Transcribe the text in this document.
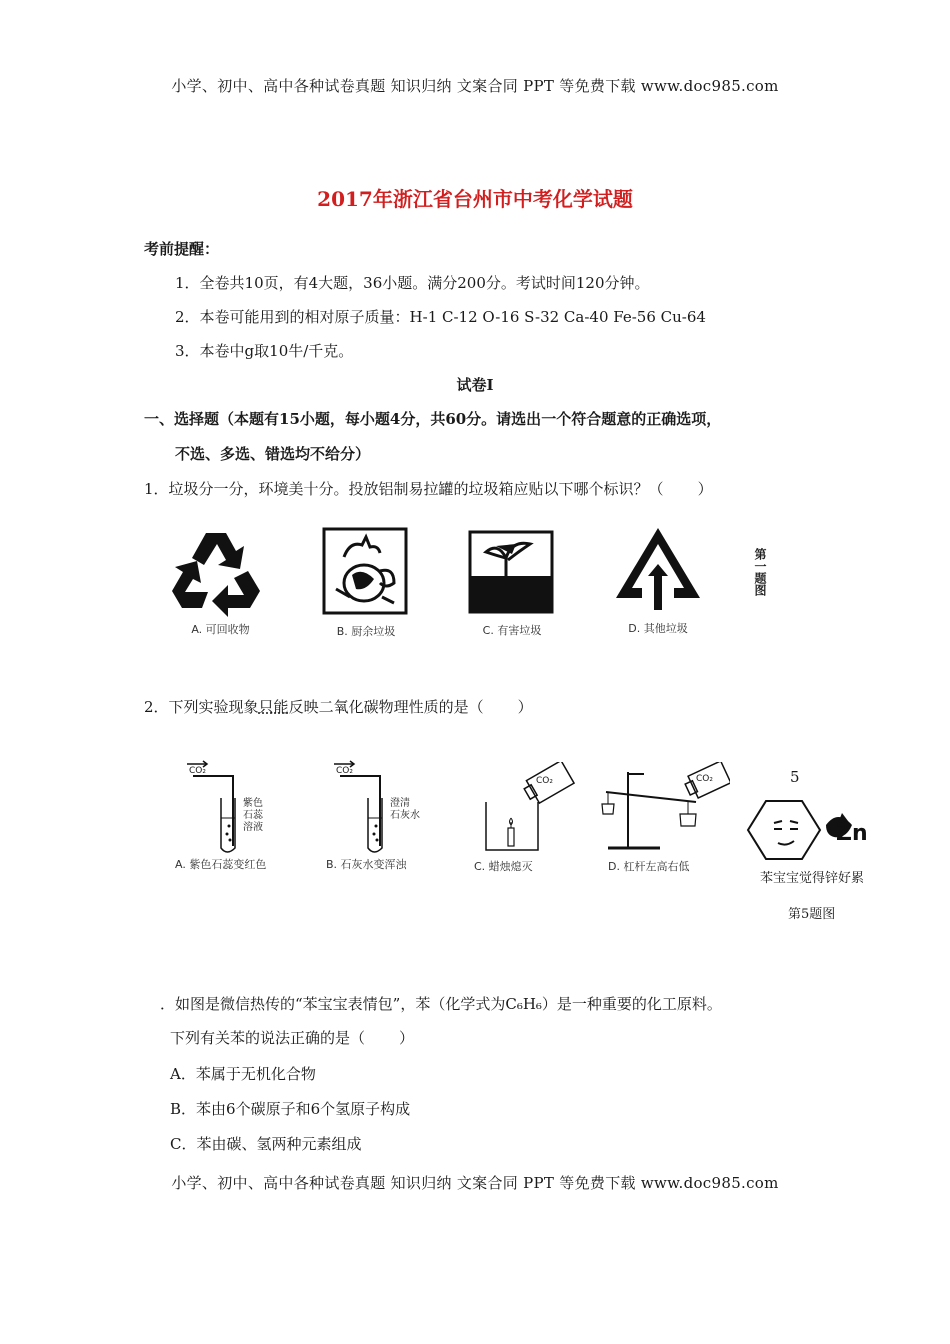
小学、初中、高中各种试卷真题 知识归纳 文案合同 PPT 等免费下载 www.doc985.com
2017年浙江省台州市中考化学试题
考前提醒：
1．全卷共10页，有4大题，36小题。满分200分。考试时间120分钟。
2．本卷可能用到的相对原子质量：H-1 C-12 O-16 S-32 Ca-40 Fe-56 Cu-64
3．本卷中g取10牛/千克。
试卷Ⅰ
一、选择题（本题有15小题，每小题4分，共60分。请选出一个符合题意的正确选项，
不选、多选、错选均不给分）
1．垃圾分一分，环境美十分。投放铝制易拉罐的垃圾箱应贴以下哪个标识？（ ）
A. 可回收物	B. 厨余垃圾	C. 有害垃圾	D. 其他垃圾
第一题图
2．下列实验现象只能反映二氧化碳物理性质的是（ ）
CO₂
紫色
石蕊
溶液
A. 紫色石蕊变红色
CO₂
澄清
石灰水
B. 石灰水变浑浊
CO₂
C. 蜡烛熄灭
CO₂
D. 杠杆左高右低
5
Zn
苯宝宝觉得锌好累
第5题图
．如图是微信热传的“苯宝宝表情包”，苯（化学式为C₆H₆）是一种重要的化工原料。
下列有关苯的说法正确的是（ ）
A．苯属于无机化合物
B．苯由6个碳原子和6个氢原子构成
C．苯由碳、氢两种元素组成
小学、初中、高中各种试卷真题 知识归纳 文案合同 PPT 等免费下载 www.doc985.com
